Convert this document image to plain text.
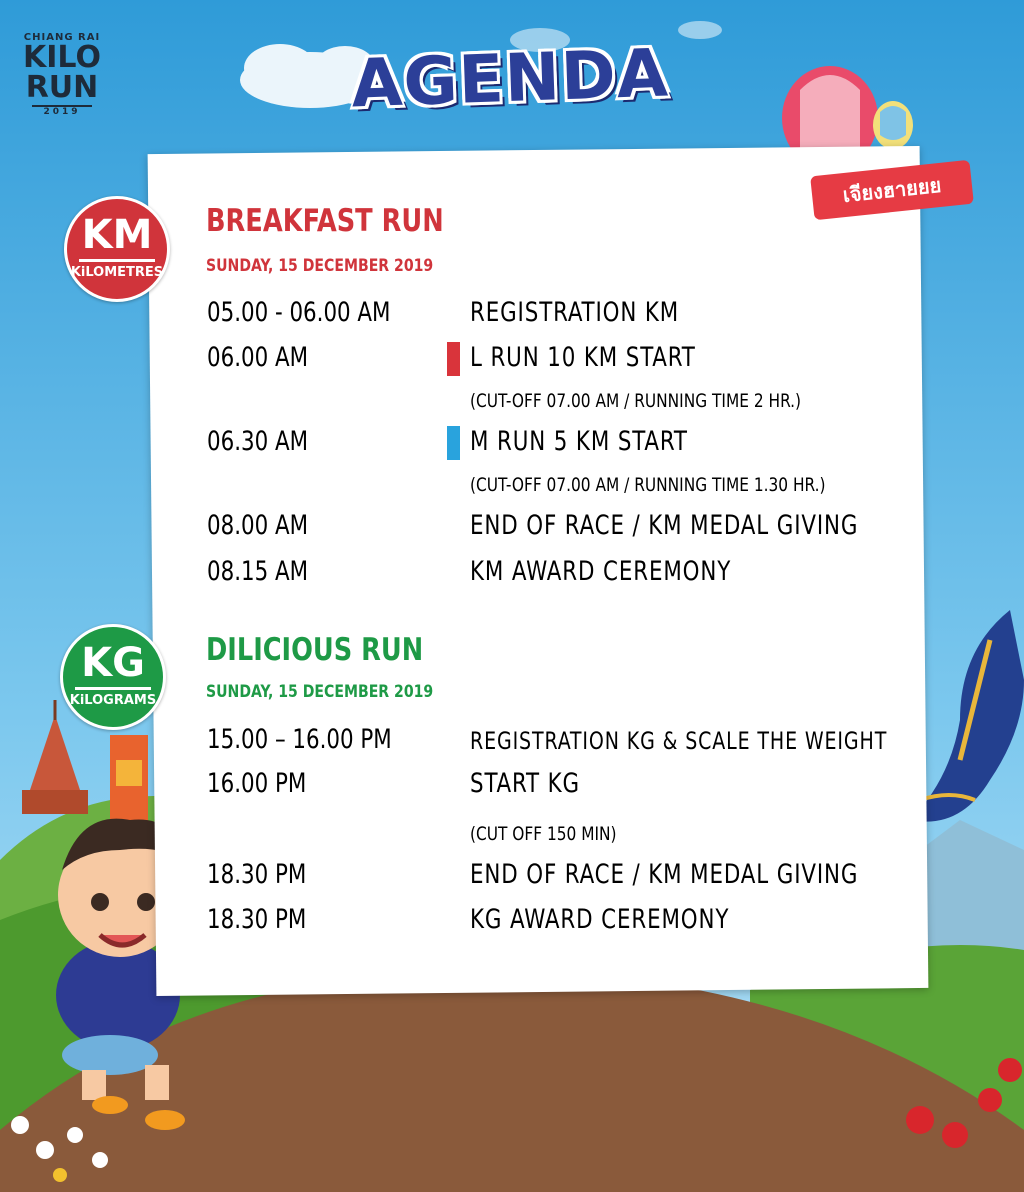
CHIANG RAI
KILO
RUN
2019	AGENDA
เจียงฮายยย
KM
KiLOMETRES
KG
KiLOGRAMS
BREAKFAST RUN
SUNDAY, 15 DECEMBER 2019
05.00 - 06.00 AM	REGISTRATION KM
06.00 AM	L RUN 10 KM START
(CUT-OFF 07.00 AM / RUNNING TIME 2 HR.)
06.30 AM	M RUN 5 KM START
(CUT-OFF 07.00 AM / RUNNING TIME 1.30 HR.)
08.00 AM	END OF RACE / KM MEDAL GIVING
08.15 AM	KM AWARD CEREMONY
DILICIOUS RUN
SUNDAY, 15 DECEMBER 2019
15.00 – 16.00 PM	REGISTRATION KG & SCALE THE WEIGHT
16.00 PM	START KG
(CUT OFF 150 MIN)
18.30 PM	END OF RACE / KM MEDAL GIVING
18.30 PM	KG AWARD CEREMONY
